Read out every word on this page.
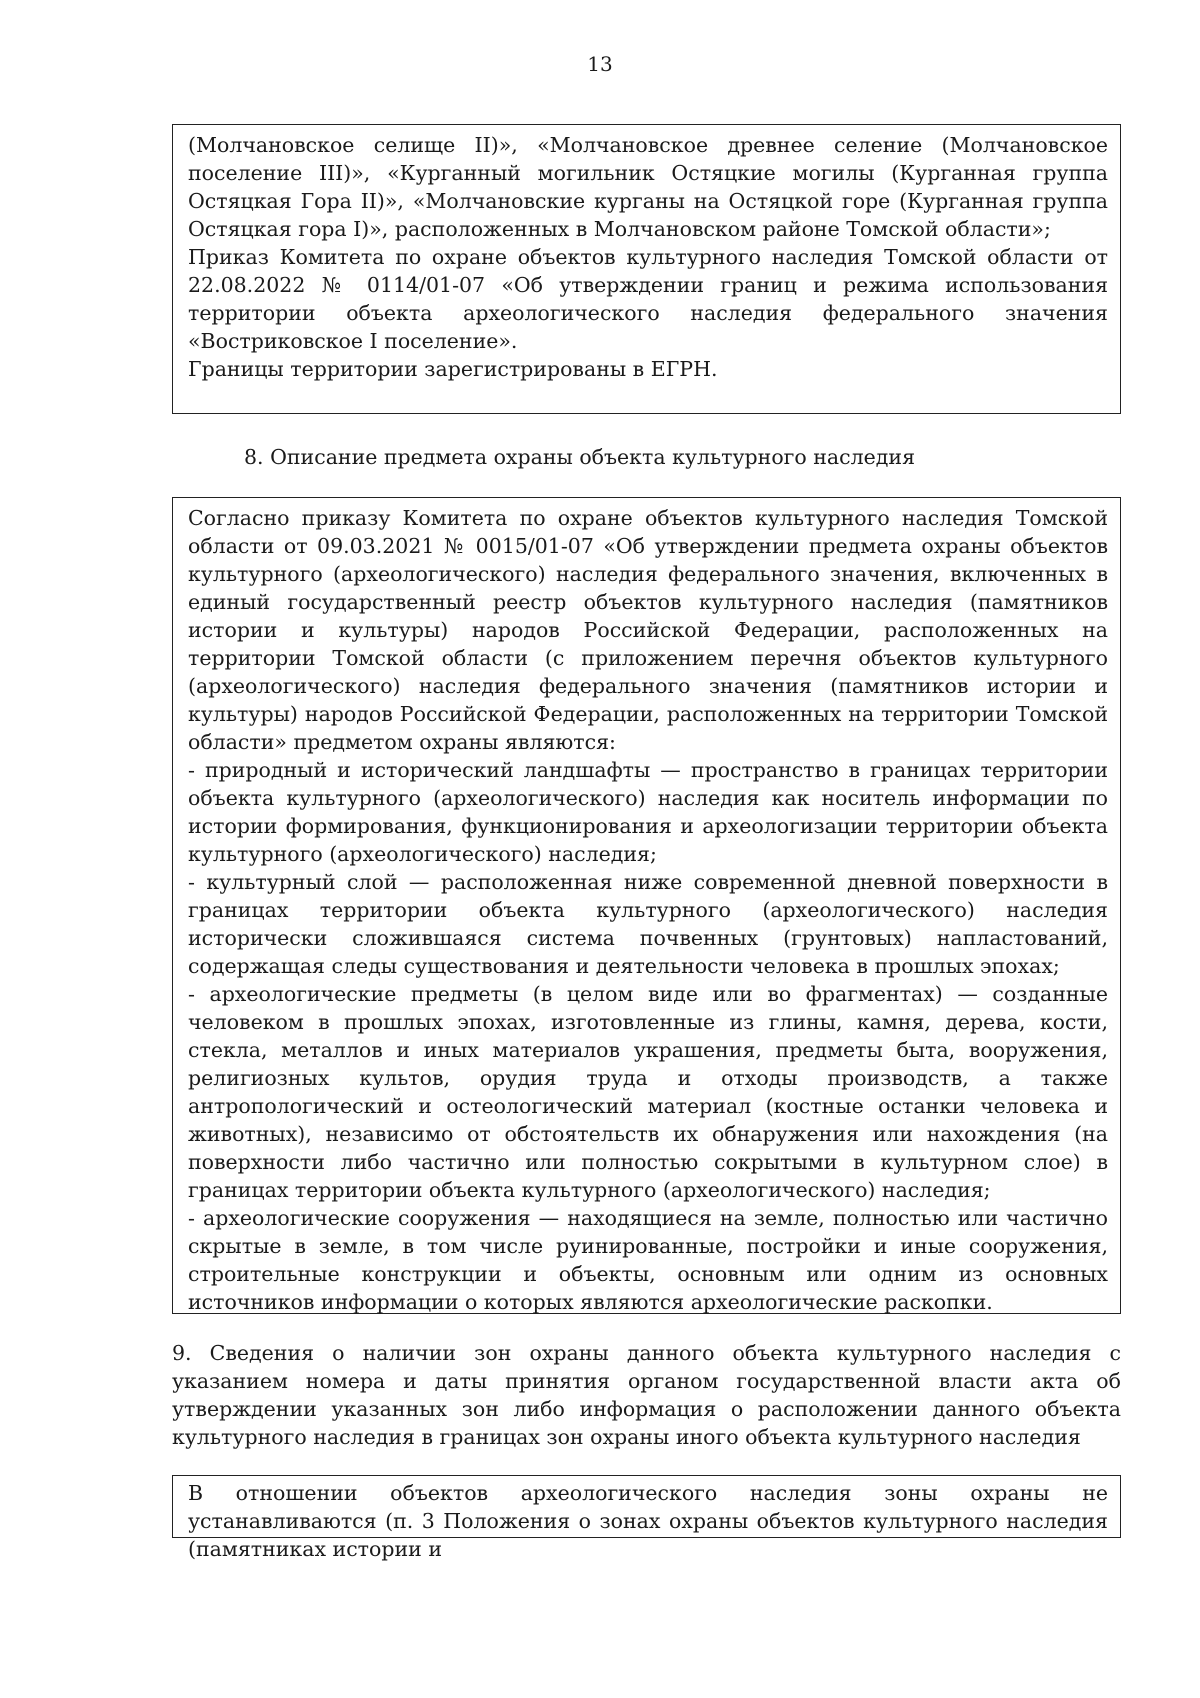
13

(Молчановское селище II)», «Молчановское древнее селение (Молчановское поселение III)», «Курганный могильник Остяцкие могилы (Курганная группа Остяцкая Гора II)», «Молчановские курганы на Остяцкой горе (Курганная группа Остяцкая гора I)», расположенных в Молчановском районе Томской области»;

Приказ Комитета по охране объектов культурного наследия Томской области от 22.08.2022 № 0114/01-07 «Об утверждении границ и режима использования территории объекта археологического наследия федерального значения «Востриковское I поселение».

Границы территории зарегистрированы в ЕГРН.

8. Описание предмета охраны объекта культурного наследия

Согласно приказу Комитета по охране объектов культурного наследия Томской области от 09.03.2021 № 0015/01-07 «Об утверждении предмета охраны объектов культурного (археологического) наследия федерального значения, включенных в единый государственный реестр объектов культурного наследия (памятников истории и культуры) народов Российской Федерации, расположенных на территории Томской области (с приложением перечня объектов культурного (археологического) наследия федерального значения (памятников истории и культуры) народов Российской Федерации, расположенных на территории Томской области» предметом охраны являются:

- природный и исторический ландшафты — пространство в границах территории объекта культурного (археологического) наследия как носитель информации по истории формирования, функционирования и археологизации территории объекта культурного (археологического) наследия;

- культурный слой — расположенная ниже современной дневной поверхности в границах территории объекта культурного (археологического) наследия исторически сложившаяся система почвенных (грунтовых) напластований, содержащая следы существования и деятельности человека в прошлых эпохах;

- археологические предметы (в целом виде или во фрагментах) — созданные человеком в прошлых эпохах, изготовленные из глины, камня, дерева, кости, стекла, металлов и иных материалов украшения, предметы быта, вооружения, религиозных культов, орудия труда и отходы производств, а также антропологический и остеологический материал (костные останки человека и животных), независимо от обстоятельств их обнаружения или нахождения (на поверхности либо частично или полностью сокрытыми в культурном слое) в границах территории объекта культурного (археологического) наследия;

- археологические сооружения — находящиеся на земле, полностью или частично скрытые в земле, в том числе руинированные, постройки и иные сооружения, строительные конструкции и объекты, основным или одним из основных источников информации о которых являются археологические раскопки.

9. Сведения о наличии зон охраны данного объекта культурного наследия с указанием номера и даты принятия органом государственной власти акта об утверждении указанных зон либо информация о расположении данного объекта культурного наследия в границах зон охраны иного объекта культурного наследия

В отношении объектов археологического наследия зоны охраны не устанавливаются (п. 3 Положения о зонах охраны объектов культурного наследия (памятниках истории и
